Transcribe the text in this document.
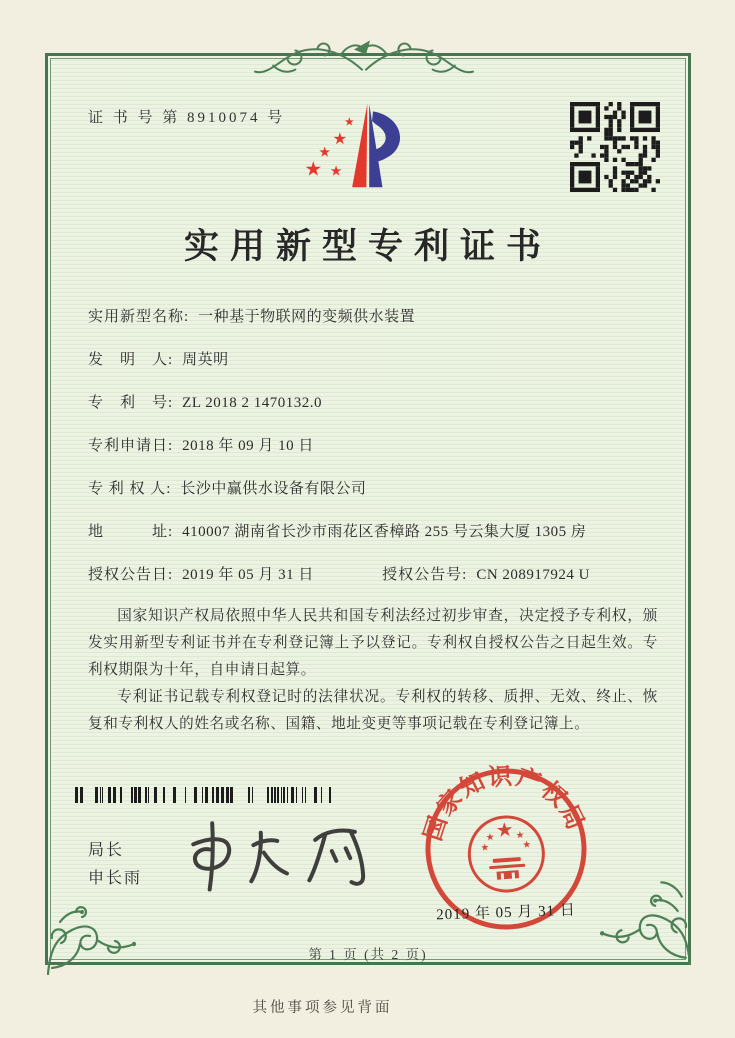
证 书 号 第 8910074 号
实用新型专利证书
实用新型名称: 一种基于物联网的变频供水装置
发　明　人: 周英明
专　利　号: ZL 2018 2 1470132.0
专利申请日: 2018 年 09 月 10 日
专 利 权 人: 长沙中赢供水设备有限公司
地　　　址: 410007 湖南省长沙市雨花区香樟路 255 号云集大厦 1305 房
授权公告日: 2019 年 05 月 31 日	授权公告号: CN 208917924 U

国家知识产权局依照中华人民共和国专利法经过初步审查，决定授予专利权，颁发实用新型专利证书并在专利登记簿上予以登记。专利权自授权公告之日起生效。专利权期限为十年，自申请日起算。

专利证书记载专利权登记时的法律状况。专利权的转移、质押、无效、终止、恢复和专利权人的姓名或名称、国籍、地址变更等事项记载在专利登记簿上。

局长
申长雨
国家知识产权局
2019 年 05 月 31 日
第 1 页 (共 2 页)
其他事项参见背面
